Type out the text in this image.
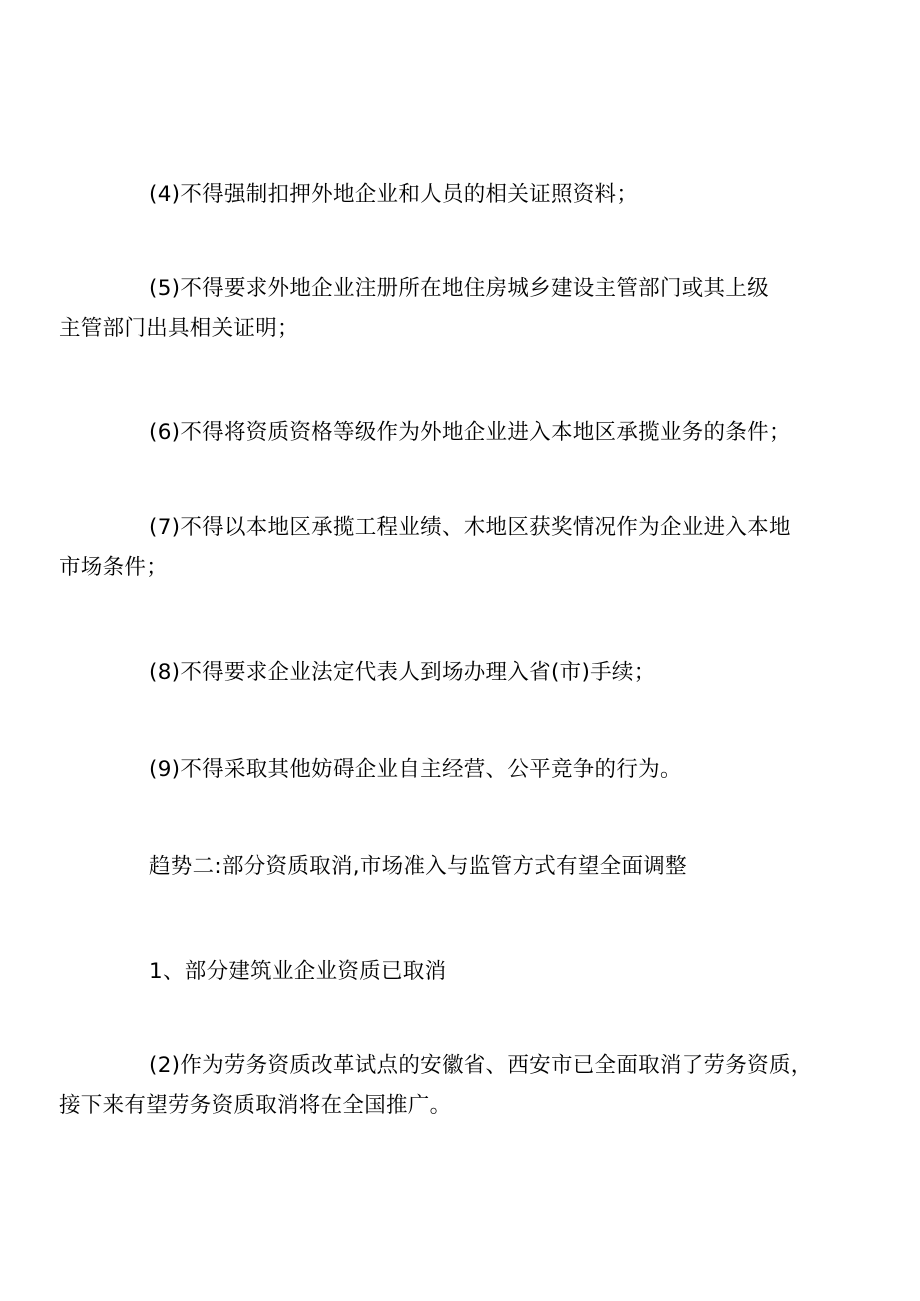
(4)不得强制扣押外地企业和人员的相关证照资料；

(5)不得要求外地企业注册所在地住房城乡建设主管部门或其上级
主管部门出具相关证明；

(6)不得将资质资格等级作为外地企业进入本地区承揽业务的条件；

(7)不得以本地区承揽工程业绩、木地区获奖情况作为企业进入本地
市场条件；

(8)不得要求企业法定代表人到场办理入省(市)手续；

(9)不得采取其他妨碍企业自主经营、公平竞争的行为。

趋势二:部分资质取消,市场准入与监管方式有望全面调整

1、部分建筑业企业资质已取消

(2)作为劳务资质改革试点的安徽省、西安市已全面取消了劳务资质，
接下来有望劳务资质取消将在全国推广。
